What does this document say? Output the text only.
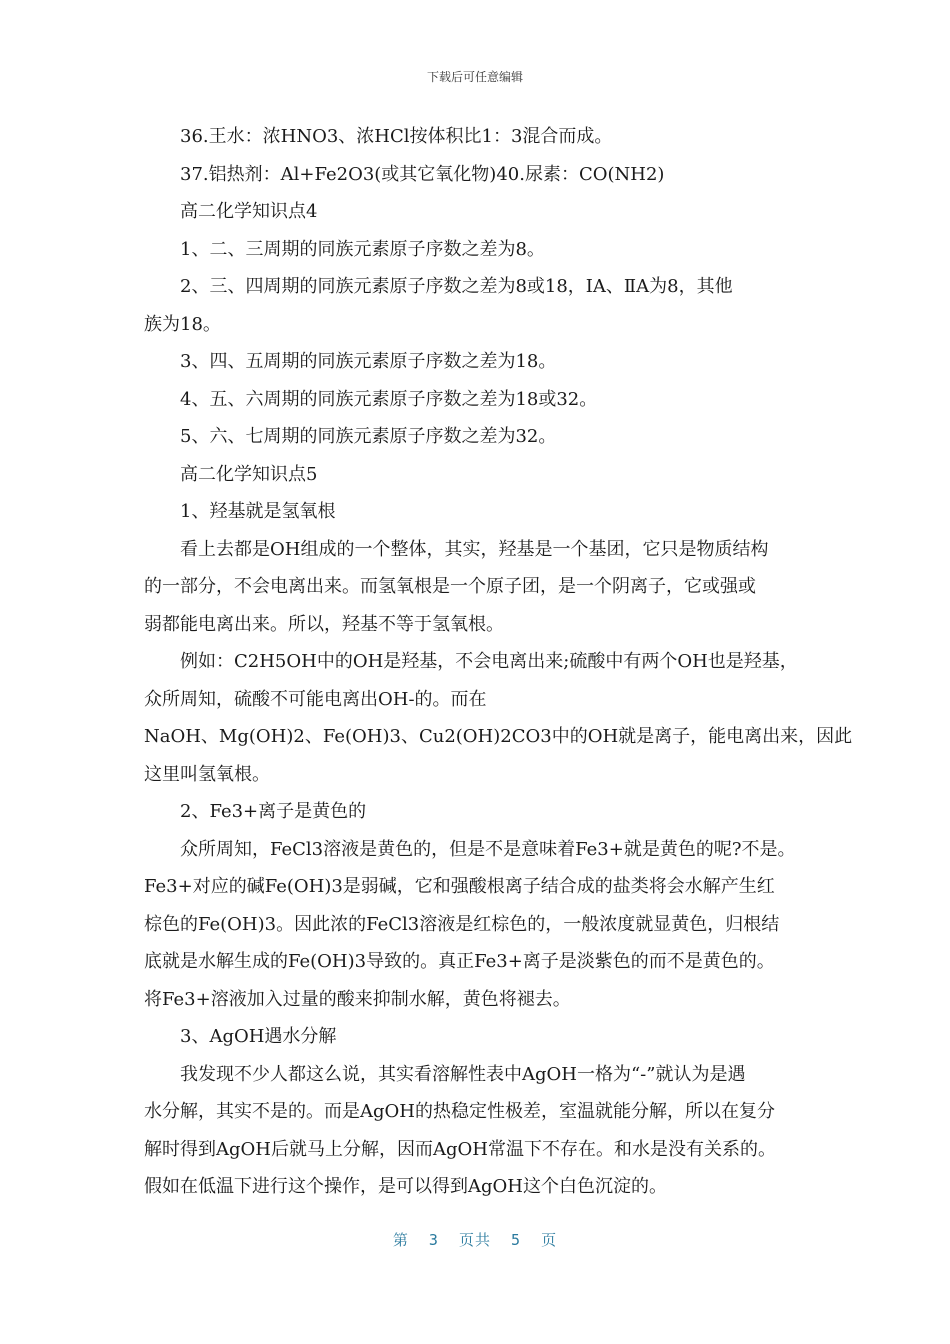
下载后可任意编辑
36.王水：浓HNO3、浓HCl按体积比1：3混合而成。
37.铝热剂：Al+Fe2O3(或其它氧化物)40.尿素：CO(NH2)
高二化学知识点4
1、二、三周期的同族元素原子序数之差为8。
2、三、四周期的同族元素原子序数之差为8或18，ⅠA、ⅡA为8，其他
族为18。
3、四、五周期的同族元素原子序数之差为18。
4、五、六周期的同族元素原子序数之差为18或32。
5、六、七周期的同族元素原子序数之差为32。
高二化学知识点5
1、羟基就是氢氧根
看上去都是OH组成的一个整体，其实，羟基是一个基团，它只是物质结构
的一部分，不会电离出来。而氢氧根是一个原子团，是一个阴离子，它或强或
弱都能电离出来。所以，羟基不等于氢氧根。
例如：C2H5OH中的OH是羟基，不会电离出来;硫酸中有两个OH也是羟基，
众所周知，硫酸不可能电离出OH-的。而在
NaOH、Mg(OH)2、Fe(OH)3、Cu2(OH)2CO3中的OH就是离子，能电离出来，因此
这里叫氢氧根。
2、Fe3+离子是黄色的
众所周知，FeCl3溶液是黄色的，但是不是意味着Fe3+就是黄色的呢?不是。
Fe3+对应的碱Fe(OH)3是弱碱，它和强酸根离子结合成的盐类将会水解产生红
棕色的Fe(OH)3。因此浓的FeCl3溶液是红棕色的，一般浓度就显黄色，归根结
底就是水解生成的Fe(OH)3导致的。真正Fe3+离子是淡紫色的而不是黄色的。
将Fe3+溶液加入过量的酸来抑制水解，黄色将褪去。
3、AgOH遇水分解
我发现不少人都这么说，其实看溶解性表中AgOH一格为“-”就认为是遇
水分解，其实不是的。而是AgOH的热稳定性极差，室温就能分解，所以在复分
解时得到AgOH后就马上分解，因而AgOH常温下不存在。和水是没有关系的。
假如在低温下进行这个操作，是可以得到AgOH这个白色沉淀的。
第 3 页共 5 页
